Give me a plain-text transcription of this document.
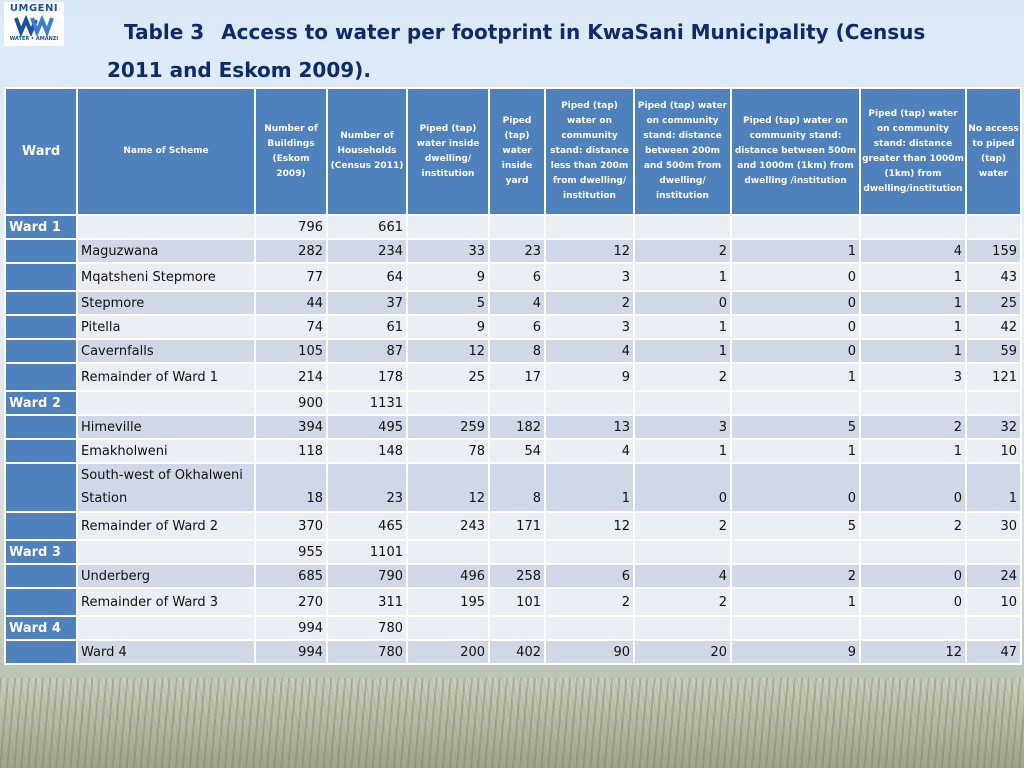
UMGENI
WATER • AMANZI	Table 3 Access to water per footprint in KwaSani Municipality (Census
2011 and Eskom 2009).
Ward	Name of Scheme	Number of Buildings (Eskom 2009)	Number of Households (Census 2011)	Piped (tap) water inside dwelling/ institution	Piped (tap) water inside yard	Piped (tap) water on community stand: distance less than 200m from dwelling/ institution	Piped (tap) water on community stand: distance between 200m and 500m from dwelling/ institution	Piped (tap) water on community stand: distance between 500m and 1000m (1km) from dwelling /institution	Piped (tap) water on community stand: distance greater than 1000m (1km) from dwelling/institution	No access to piped (tap) water
Ward 1		796	661							
	Maguzwana	282	234	33	23	12	2	1	4	159
	Mqatsheni Stepmore	77	64	9	6	3	1	0	1	43
	Stepmore	44	37	5	4	2	0	0	1	25
	Pitella	74	61	9	6	3	1	0	1	42
	Cavernfalls	105	87	12	8	4	1	0	1	59
	Remainder of Ward 1	214	178	25	17	9	2	1	3	121
Ward 2		900	1131							
	Himeville	394	495	259	182	13	3	5	2	32
	Emakholweni	118	148	78	54	4	1	1	1	10
	South-west of Okhalweni Station	18	23	12	8	1	0	0	0	1
	Remainder of Ward 2	370	465	243	171	12	2	5	2	30
Ward 3		955	1101							
	Underberg	685	790	496	258	6	4	2	0	24
	Remainder of Ward 3	270	311	195	101	2	2	1	0	10
Ward 4		994	780							
	Ward 4	994	780	200	402	90	20	9	12	47
